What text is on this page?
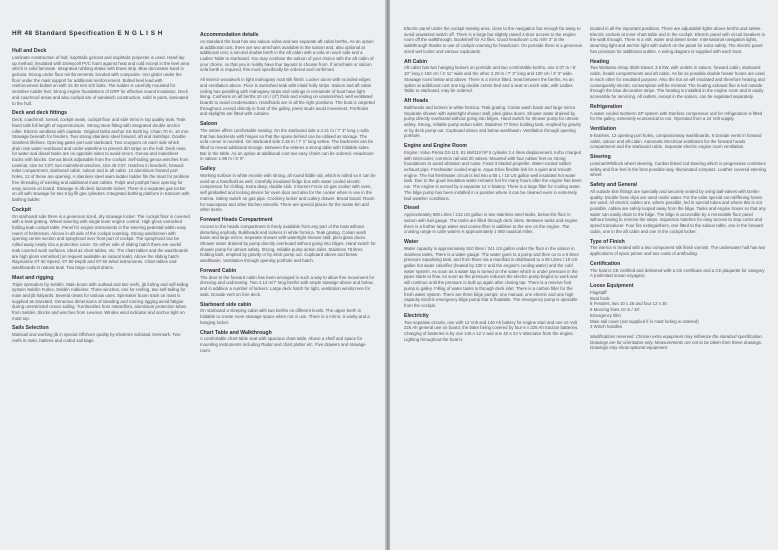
HR 48 Standard Specification E N G L I S H
Hull and Deck

Laminate construction of hull; isophtalic gelcoat and isophtalic polyester is used. Hand lay-up method, insulated with Divinycell PVC foam against heat and cold except in the keel area which is solid laminate. Integrated rubbing strake with brass strip. Blue decorative band in gelcoat. Strong under floor reinforcements, bonded with composite. Iron girder under the floor under the mast support for additional reinforcement. Bolted keel lead with reinforcement bolted on with 15 30 mm S/S bolts. The rudder is carefully mounted for sensitive rudder feel. Strong engine foundations of GRP for effective sound insulation. Deck and coachroof areas and also cockpit are of sandwich construction, solid in parts, laminated to the hull.

Deck and deck fittings

Deck, coachroof, toerail, cockpit seats, cockpit floor and side trims in top quality teak. Teak hand rails full length of superstructure. Strong stem fitting with integrated double anchor roller. Electric windlass with capstan. Original Delta anchor SS 8x25 kg. Chain 70 m, 10 mm. Stowage beneath for fenders. Two strong stainless steel forward, aft and midships. Double stainless lifelines. Opening gates port and starboard. Two scuppers on each side which drain rain water overboard and under waterline to prevent dirt stripe on the hull. Deck rows for water and diesel tanks are on opposite sides to avoid errors. Genoa and mainsheet tracks with blocks. Genoa block adjustable from the cockpit. Self-tailing genoa winches from Lewmar, size 54 CST, two mainsheet winches, size 46 CST. Hatches in foredeck, forward toilet compartment, starboard cabin, saloon and in aft cabin. 13 aluminium framed port holes, 12 of these are opening. A stainless steel swim ladder ladder fits the mast for problem free threading of existing and additional mast cables. Pulpit and pushpit have opening for easy access on board. Stowage in aft deck lazarette locker. There is a separate gas locker on aft with stowage for two 6 kg fill gas cylinders. Integrated bathing platform in transom with bathing ladder.

Cockpit

On starboard side there is a generous sized, dry stowage locker. The cockpit floor is covered with a teak grating. Wheel steering with single lever engine control. High gloss varnished folding teak cockpit table. Panel for engine instruments in the steering pedestal within easy reach of helmsman. Alcove in aft side of the cockpit coaming. Strong windscreen with opening centre section and sprayhood over front part of cockpit. The sprayhood can be rolled away neatly into a protective cover. On either side of sliding hatch there are useful teak covered work surfaces. Ideal as chart tables, etc. The chart tables and the washboards are high gloss varnished (on request available as natural teak). Above the sliding hatch Raymarine ST 60 Speed, ST 60 Depth and ST 60 Wind instruments. Chart tables and washboards in natural teak. Two large cockpit drains.

Mast and rigging

Triple spreaders by Seldén. Main boom with outhaul and two reefs, jib furling and self-tailing system Seldén Furlex. Seldén rodkicker. Three winches, one for reefing, two self-tailing for main and jib halyards. Several cleats for various uses. Spinnaker boom track on mast is supplied as standard. Generous dimensions of standing and running rigging avoid fatigue during unrestricted ocean sailing. Turnbuckles from Hasselfors, aluminium protection tubes from Seldén, blocks and winches from Lewmar. Windex wind indicator and anchor light on mast top.

Sails Selection

Mainsail and working jib in special Offshore quality by Elvström Sobstad, Denmark. Two reefs in main, battens and coded sail bags.

Accommodation details

As standard the boat has two saloon sofas and two separate aft cabin berths. As an option at additional cost, there are two armchairs available in the saloon and, also optional at additional cost, a second double berth in the aft cabin with a sofa on each side and a Ladies Table to starboard. You may combine the saloon of your choice with the aft cabin of your choice, so that you in reality have four layouts to choose from. If armchairs or saloon sofa berth is required, this must specifically be ordered and confirmed.

All interior woodwork in light mahogany matt silk finish. Locker doors with rounded edges and ventilation above. Floor is varnished teak with inlaid holly strips. Saloon and aft cabin ceiling has panelling with mahogany strips and ceilings in remainder of boat have light lining. Cushions on all berths 10 cm / (4") thick and resting on unvarnished, well ventilated boards to avoid condensation. Handholds are in all the right positions. The boat is carpeted throughout, except directly in front of the galley, press studs avoid movement. Portholes and skylights are fitted with curtains.

Saloon

The settee offers comfortable seating. On the starboard side a 2.21 m / 7' 3" long L-sofa that has backrests with hinges so that the space behind can be utilised as storage. The sofa corner is rounded. On starboard side 2.15 m / 7' 1" long settee. The backrests can be lifted to reveal additional storage. Between the settees a strong table with foldable sides. Bar in the table. As an option at additional cost two easy chairs can be ordered. Headroom in saloon 1.99 m / 6' 6".

Galley

Working surface in white Avonite with strong, all round fiddle rail, which is rolled so it can be used as a handhold as well. Carefully insulated fridge box with water cooled electric compressor for chilling. Extra deep, double sink. 2-burner Force 10 gas cooker with oven, self gimballed and locking device for oven door and also for the cooker when in use in the marina. Safety switch on gas pipe. Crockery locker and cutlery drawer. Bread board. Room for saucepans and other kitchen utensils. There are special places for the waste bin and other items.

Forward Heads Compartment

Access to the heads compartment is freely available from any part of the boat without disturbing anybody. Bulkheads and lockers in white formica. Teak grating. Corian wash basin and large mirror. Separate shower with watertight shower stall, plexi glass doors. Shower water drained by pump directly overboard without going into bilges. Hand switch for shower pump for utmost safety. Strong, reliable pump action toilet. Stainless 78 litres holding tank, emptied by gravity or by deck pump out. Cupboard above and below washbasin. Ventilation through opening porthole and hatch.

Forward Cabin

The door to the forward cabin has been arranged in such a way to allow free movement for dressing and undressing. Two 2.13 m/7' long berths with ample stowage above and below, and in addition a number of lockers. Large deck hatch for light, ventilation windscreen for sails. Dorade vent on fore deck.

Starboard side cabin

On starboard a sleeping cabin with two berths on different levels. The upper berth is foldable to create more stowage space when not in use. There is a mirror, a vanity and a hanging locker.

Chart Table and Walkthrough

A comfortable chart table seat with spacious chart table. Above a shelf and space for mounting instruments including Radar and chart plotter etc. Five drawers and stowage room.

Electric panel under the cockpit seating area, close to the navigation but enough far away to avoid unwanted switch off. There is a large but slightly raised 2-door access to the engine room off the walkthrough. Bookshelf for A4 files. Good headroom 1.91 m/6' 3" in the walkthrough thanks to use of cockpit coaming for headroom. On portside there is a generous sized wet locker and various cupboards.

Aft Cabin

Aft cabin has two hanging lockers on portside and two comfortable berths, one 2.07 m / 6' 10" long x 150 cm / 4' 11" wide and the other 2.20 m / 7' 3" long and 100 cm / 3' 3" wide. Stowage room below and above. There is a mirror fitted. Seat between the berths. As an option at additional cost one big double centre bed and a seat on each side, with Ladies Table to starboard, may be ordered.

Aft Heads

Bulkheads and lockers in white formica. Teak grating. Corian wash basin and large mirror. Separate shower with watertight shower stall, plexi glass doors. Shower water drained by pump directly overboard without going into bilges. Hand switch for shower pump for utmost safety. Strong, reliable pump action toilet. Stainless 77 litres holding tank, emptied by gravity or by deck pump out. Cupboard above and below washbasin. Ventilation through opening porthole.

Engine and Engine Room

Engine: Volvo Penta D3-110, 81 kW/110 hP 5 cylinder 2.4 litres displacement, turbo charged with intercooler, common rail and 20 valves. Mounted with four rubber feet on strong foundations to avoid vibration and noise. Fixed 3 bladed propeller. Water-cooled rubber exhaust pipe. Freshwater cooled engine. Aqua Drive flexible link for a quiet and smooth engine. The hot freshwater circuit is led into a 55 L / 15 US gallon well insulated hot water tank. Due to the good insulation water remains hot for many hours after the engine has been run. The engine is served by a separate 12 V battery. There is a large filter for cooling water. The bilge pump has been installed in a position where it can be cleaned even in extremely bad weather conditions.

Diesel

Approximately 600 Litres / 212 US gallon in two stainless steel tanks, below the floor in saloon with fuel gauge. The tanks are filled through deck inlets. Between tanks and engine there is a further large water and coarse filter in addition to the one on the engine. The cruising range in calm waters is approximately 1 060 nautical miles.

Water

Water capacity is approximately 910 litres / 241 US gallon under the floor in the saloon in stainless tanks. There is a water gauge. The water goes to a pump and then on to a 5 litres pressure equalising tank, and from there via a manifold is distributed to a 55 Litres / 15 US gallon hot water calorifier (heated by 230 V and the engine's cooling water) and the cold water system. As soon as a water tap is turned on the water which is under pressure in the pipes starts to flow. As soon as the pressure reduces the electric pump begins to work and will continue until the pressure is built up again after closing tap. There is a reserve foot pump in galley. Filling of water tanks is through deck inlet. There is a carbon filter for the fresh water system. There are three bilge pumps: one manual, one electric and one high capacity electric emergency bilge pump that is floatable. The emergency pump is operable from the cockpit.

Electricity

Two separate circuits, one with 12 Volt and 140 Ah battery for engine start and one 24 Volt 225 Ah general use on board, the latter being covered by four 6 v 225 Ah traction batteries. Charging of batteries is by one 140 A 12 V and one 40 A 24 V alternator from the engine. Lighting throughout the boat is

located in all the important positions. There are adjustable lights above berths and settee. Electric sockets at inner chart table and in the cockpit. Electric panel with circuit breakers in the walk through. There is a volt, water and diesel meter. International navigation lights, steaming light and anchor light with switch on the panel for extra safety. The electric panel has provision for additional outlets. A wiring diagram is supplied with each boat.

Heating

Two Webasto Airtop 3500 Diesel, 3.5 kW, with outlets in saloon, forward cabin, starboard cabin, heads compartments and aft cabin. As far as possible double heater hoses are used in each other for insulated purpose. Also the hot air will insulated and therefore heating and consequently electric consumption will be minimal. The heating exhaust flue is led outside through the blue decorative stripe. The heating is installed in the engine room and is easily accessible for servicing. All outlets, except in the saloon, can be regulated separately.

Refrigeration

A water cooled Isotherm SP system with Danfoss compressor unit for refrigeration is fitted for the galley, extremely economical to run. Operated from a 24 Volt supply.

Ventilation

5-hatches, 12 opening port holes, companionway washboards, 5 Dorade vents in forward cabin, saloon and aft cabin. Automatic Electrical ventilators for the forward heads compartment and the starboard cabin. Separate electric engine room ventilation.

Steering

Lewmar/Whitlock wheel steering. Cardan linked rod steering which is progressive combines safety and fine feel in the best possible way. Illuminated compass. Leather covered steering wheel.

Safety and General

All outside skin fittings are specially and securely sealed by using ball-valves with Delrin-quality. Double hose clips are used under water. For the toilet special non-stiffening hoses are used. All electric cables are, where possible, led in special tubes and where this is not possible, cables are safely looped away from the bilge. Tanks and engine hoses so that any water can easily drain to the bilge. The bilge is accessible by a removable floor panel without having to remove the steps. Inspection hatches for easy access to stop cocks and speed transducer. Four fire extinguishers, one fitted to the saloon table, one in the forward cabin, one in the aft cabin and one in the cockpit locker.

Type of Finish

The interior is treated with a two component silk finish varnish. The underwater hull has two applications of epoxi primer and two coats of antifouling.

Certification

The boat is CE certified and delivered with a CE certificate and a CE plaquette for category A (unlimited ocean voyages).

Loose Equipment
Flagstaff
Boat hook
8 Fenders, two 10 x 25 and four 12 x 30
6 Mooring lines 10 m / 33'
Emergency tiller
Main sail cover (not supplied if in mast furling is ordered)
3 Winch handles

Modifications reserved. Chosen extra equipment may influence the standard specification. Drawings are for orientation only. Measurements are not to be taken from these drawings. Drawings may show optional equipment.
